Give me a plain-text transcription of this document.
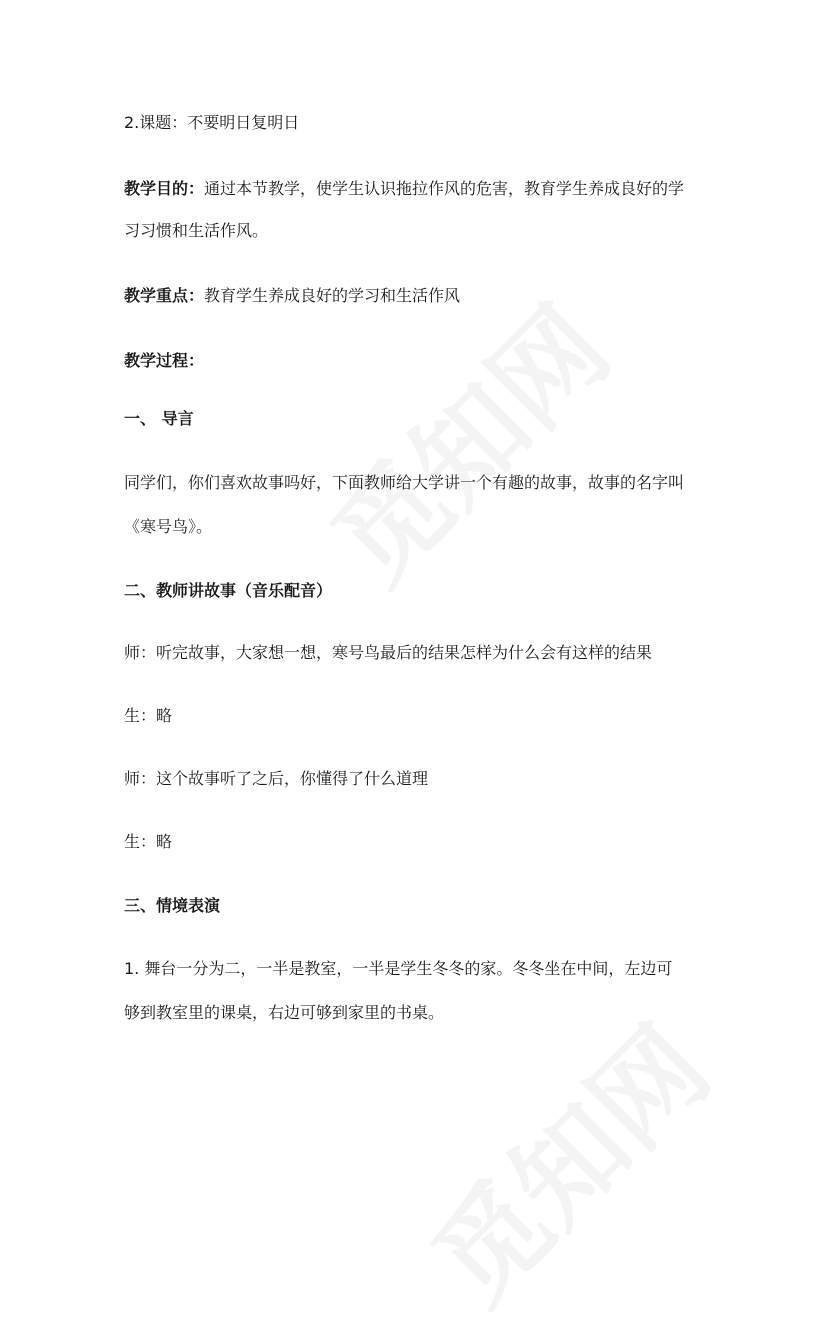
2.课题：不要明日复明日
教学目的：通过本节教学，使学生认识拖拉作风的危害，教育学生养成良好的学
习习惯和生活作风。
教学重点：教育学生养成良好的学习和生活作风
教学过程：
一、 导言
同学们，你们喜欢故事吗好，下面教师给大学讲一个有趣的故事，故事的名字叫
《寒号鸟》。
二、教师讲故事（音乐配音）
师：听完故事，大家想一想，寒号鸟最后的结果怎样为什么会有这样的结果
生：略
师：这个故事听了之后，你懂得了什么道理
生：略
三、情境表演
1. 舞台一分为二，一半是教室，一半是学生冬冬的家。冬冬坐在中间，左边可
够到教室里的课桌，右边可够到家里的书桌。
